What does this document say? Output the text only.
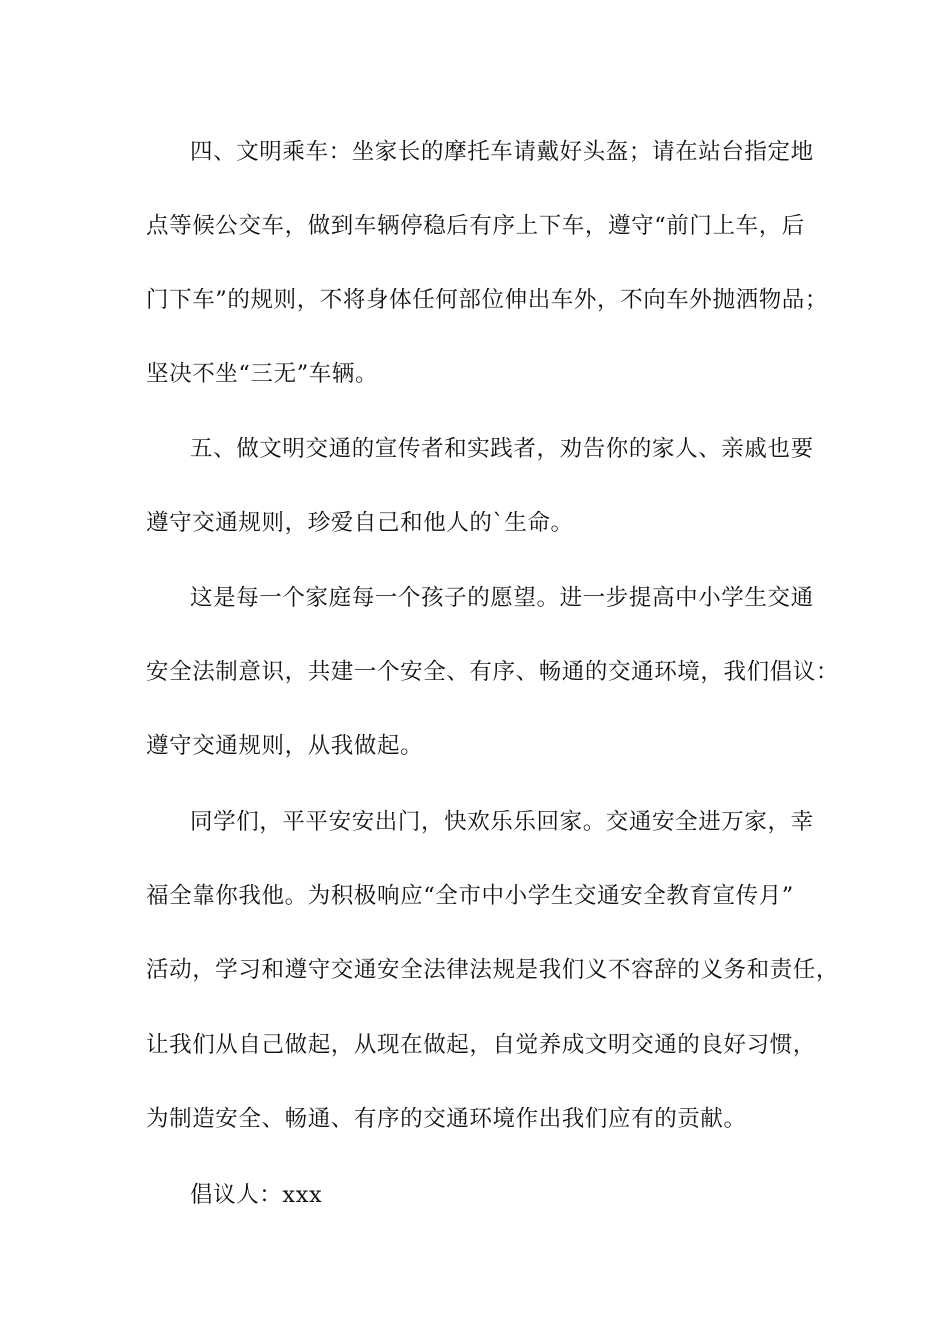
四、文明乘车：坐家长的摩托车请戴好头盔；请在站台指定地
点等候公交车，做到车辆停稳后有序上下车，遵守“前门上车，后
门下车”的规则，不将身体任何部位伸出车外，不向车外抛洒物品；
坚决不坐“三无”车辆。
五、做文明交通的宣传者和实践者，劝告你的家人、亲戚也要
遵守交通规则，珍爱自己和他人的`生命。
这是每一个家庭每一个孩子的愿望。进一步提高中小学生交通
安全法制意识，共建一个安全、有序、畅通的交通环境，我们倡议：
遵守交通规则，从我做起。
同学们，平平安安出门，快欢乐乐回家。交通安全进万家，幸
福全靠你我他。为积极响应“全市中小学生交通安全教育宣传月”
活动，学习和遵守交通安全法律法规是我们义不容辞的义务和责任，
让我们从自己做起，从现在做起，自觉养成文明交通的良好习惯，
为制造安全、畅通、有序的交通环境作出我们应有的贡献。
倡议人：xxx
